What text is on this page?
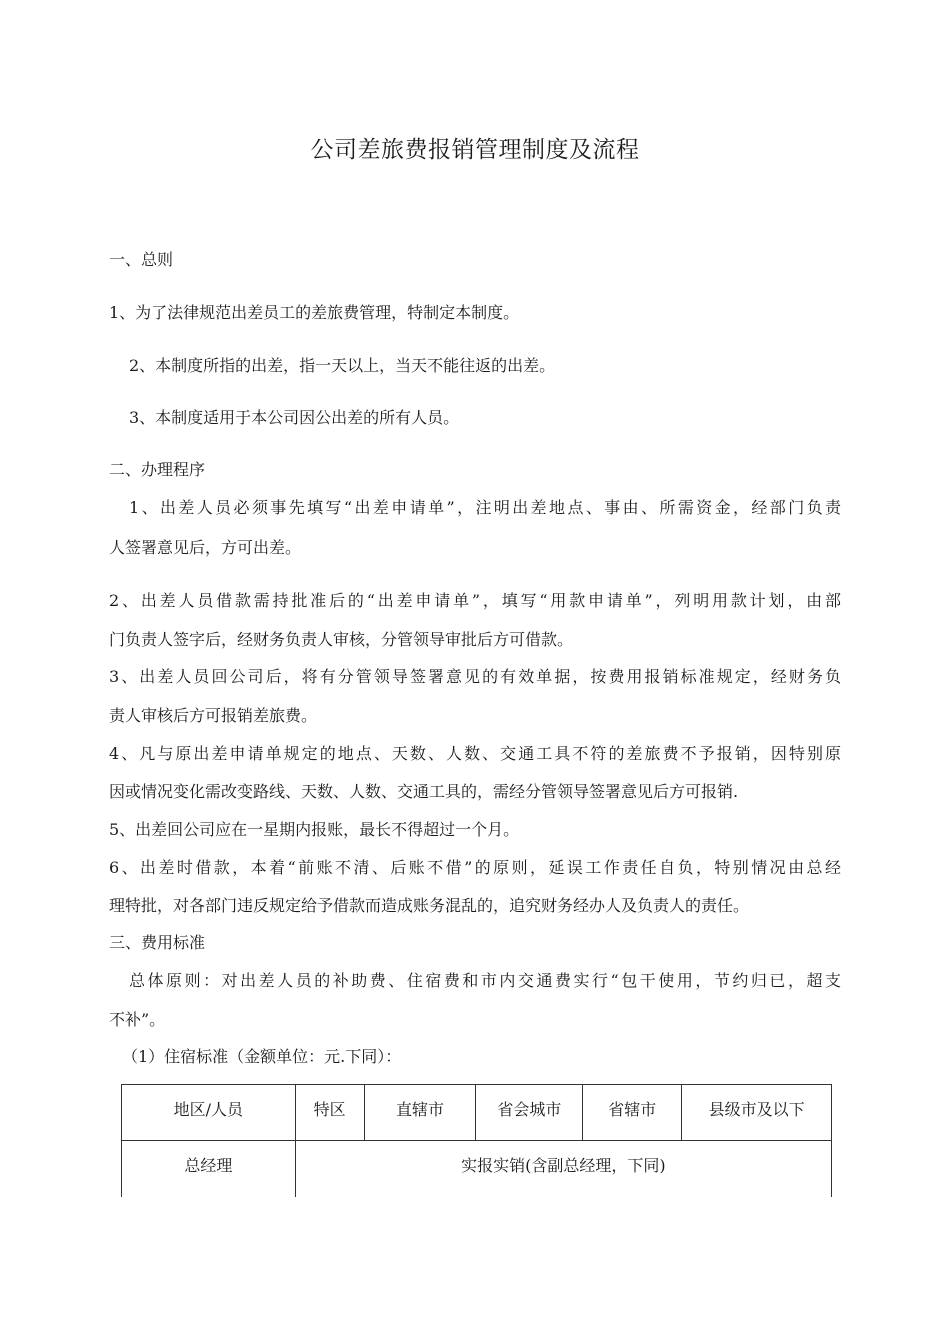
公司差旅费报销管理制度及流程
一、总则
1、为了法律规范出差员工的差旅费管理，特制定本制度。
2、本制度所指的出差，指一天以上，当天不能往返的出差。
3、本制度适用于本公司因公出差的所有人员。
二、办理程序
1、出差人员必须事先填写“出差申请单”，注明出差地点、事由、所需资金，经部门负责
人签署意见后，方可出差。
2、出差人员借款需持批准后的“出差申请单”，填写“用款申请单”，列明用款计划，由部
门负责人签字后，经财务负责人审核，分管领导审批后方可借款。
3、出差人员回公司后，将有分管领导签署意见的有效单据，按费用报销标准规定，经财务负
责人审核后方可报销差旅费。
4、凡与原出差申请单规定的地点、天数、人数、交通工具不符的差旅费不予报销，因特别原
因或情况变化需改变路线、天数、人数、交通工具的，需经分管领导签署意见后方可报销.
5、出差回公司应在一星期内报账，最长不得超过一个月。
6、出差时借款，本着“前账不清、后账不借”的原则，延误工作责任自负，特别情况由总经
理特批，对各部门违反规定给予借款而造成账务混乱的，追究财务经办人及负责人的责任。
三、费用标准
总体原则：对出差人员的补助费、住宿费和市内交通费实行“包干使用，节约归已，超支
不补”。
（1）住宿标准（金额单位：元.下同）：
地区/人员	特区	直辖市	省会城市	省辖市	县级市及以下
总经理	实报实销(含副总经理，下同)				
